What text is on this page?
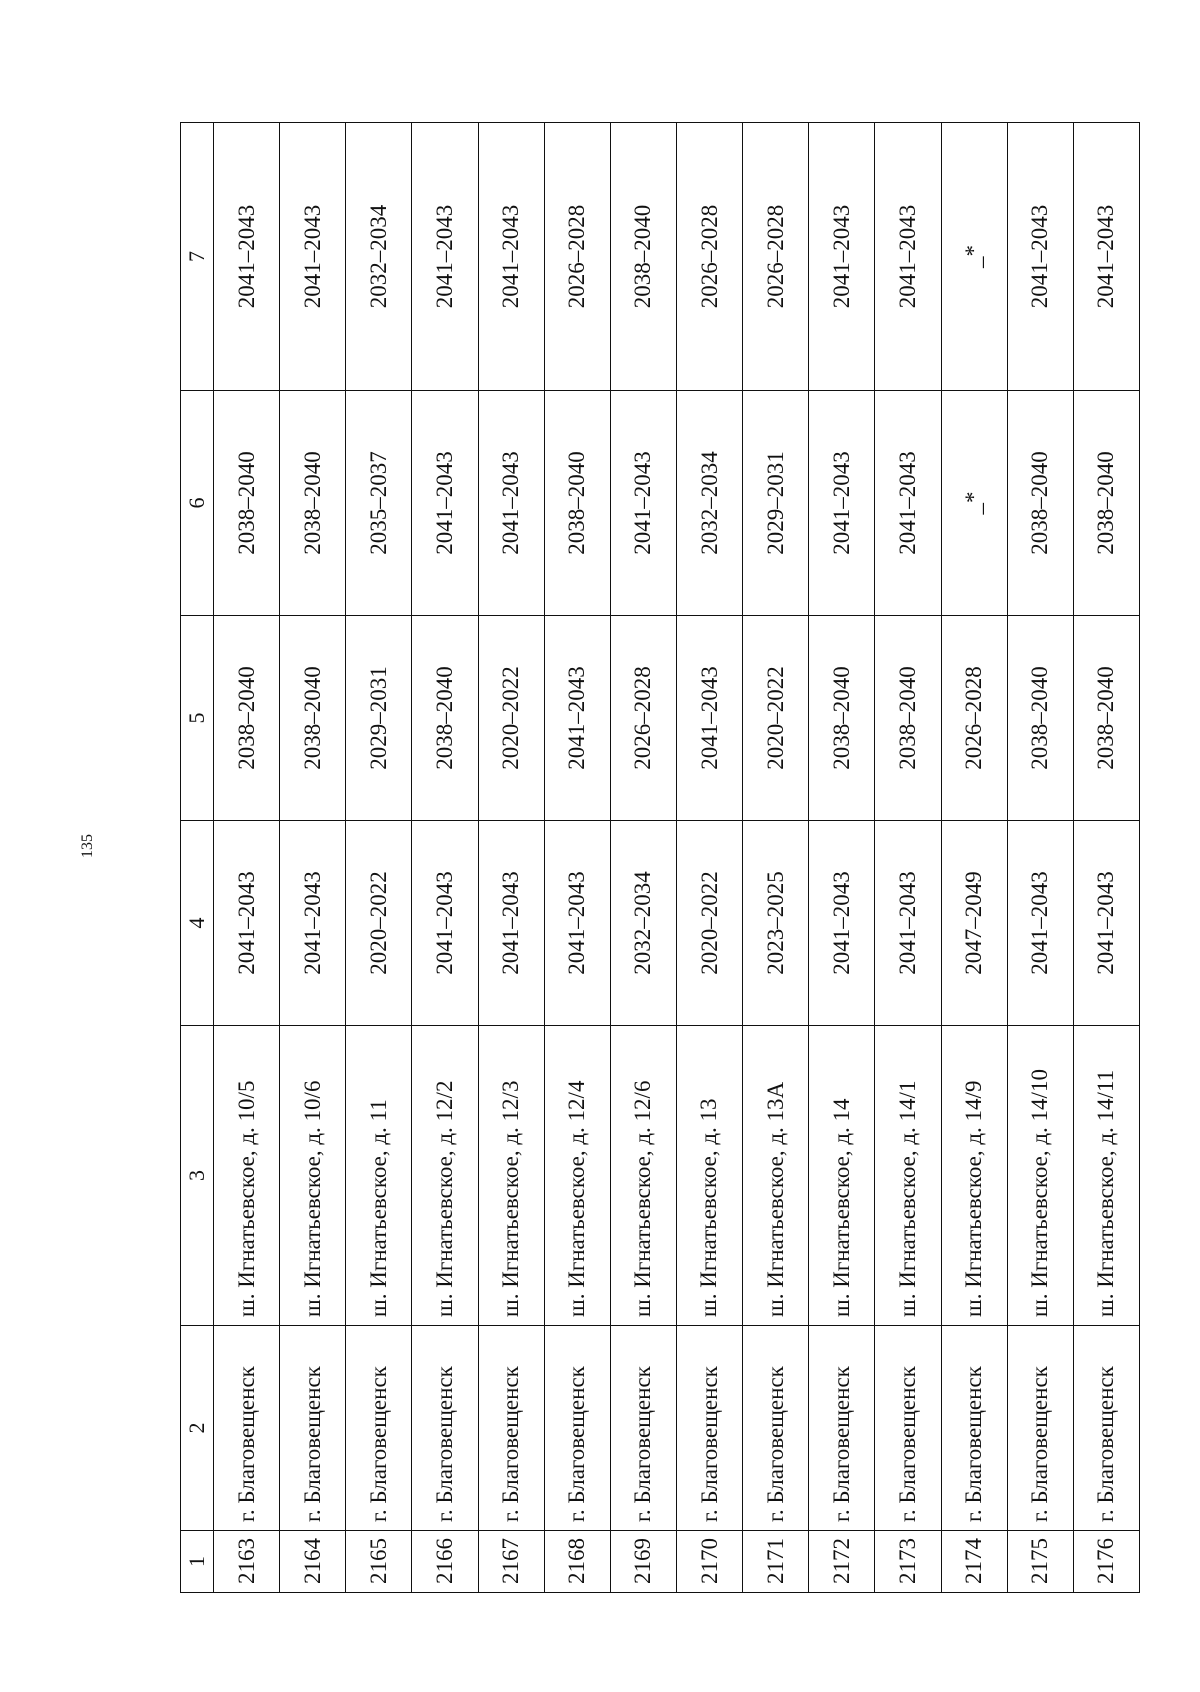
135
1	2	3	4	5	6	7
2163	г. Благовещенск	ш. Игнатьевское, д. 10/5	2041–2043	2038–2040	2038–2040	2041–2043
2164	г. Благовещенск	ш. Игнатьевское, д. 10/6	2041–2043	2038–2040	2038–2040	2041–2043
2165	г. Благовещенск	ш. Игнатьевское, д. 11	2020–2022	2029–2031	2035–2037	2032–2034
2166	г. Благовещенск	ш. Игнатьевское, д. 12/2	2041–2043	2038–2040	2041–2043	2041–2043
2167	г. Благовещенск	ш. Игнатьевское, д. 12/3	2041–2043	2020–2022	2041–2043	2041–2043
2168	г. Благовещенск	ш. Игнатьевское, д. 12/4	2041–2043	2041–2043	2038–2040	2026–2028
2169	г. Благовещенск	ш. Игнатьевское, д. 12/6	2032–2034	2026–2028	2041–2043	2038–2040
2170	г. Благовещенск	ш. Игнатьевское, д. 13	2020–2022	2041–2043	2032–2034	2026–2028
2171	г. Благовещенск	ш. Игнатьевское, д. 13А	2023–2025	2020–2022	2029–2031	2026–2028
2172	г. Благовещенск	ш. Игнатьевское, д. 14	2041–2043	2038–2040	2041–2043	2041–2043
2173	г. Благовещенск	ш. Игнатьевское, д. 14/1	2041–2043	2038–2040	2041–2043	2041–2043
2174	г. Благовещенск	ш. Игнатьевское, д. 14/9	2047–2049	2026–2028	_*	_*
2175	г. Благовещенск	ш. Игнатьевское, д. 14/10	2041–2043	2038–2040	2038–2040	2041–2043
2176	г. Благовещенск	ш. Игнатьевское, д. 14/11	2041–2043	2038–2040	2038–2040	2041–2043
